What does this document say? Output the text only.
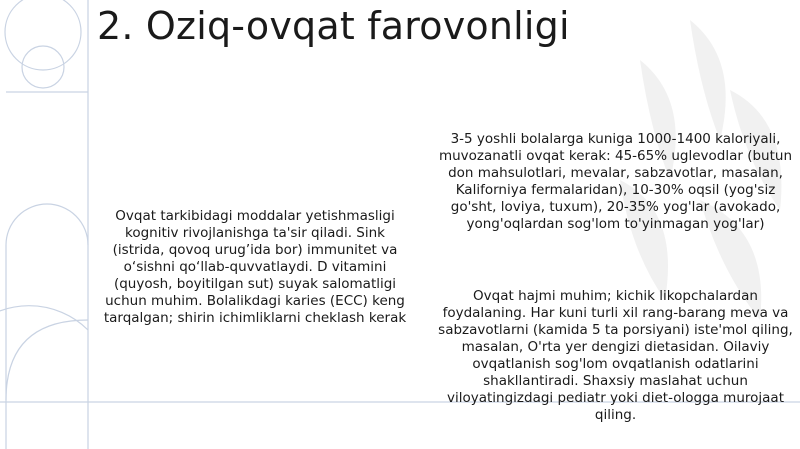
2. Oziq-ovqat farovonligi
Ovqat tarkibidagi moddalar yetishmasligi kognitiv rivojlanishga ta'sir qiladi. Sink (istrida, qovoq urug’ida bor) immunitet va o‘sishni qo‘llab-quvvatlaydi. D vitamini (quyosh, boyitilgan sut) suyak salomatligi uchun muhim. Bolalikdagi karies (ECC) keng tarqalgan; shirin ichimliklarni cheklash kerak
3-5 yoshli bolalarga kuniga 1000-1400 kaloriyali, muvozanatli ovqat kerak: 45-65% uglevodlar (butun don mahsulotlari, mevalar, sabzavotlar, masalan, Kaliforniya fermalaridan), 10-30% oqsil (yog'siz go'sht, loviya, tuxum), 20-35% yog'lar (avokado, yong'oqlardan sog'lom to'yinmagan yog'lar)
Ovqat hajmi muhim; kichik likopchalardan foydalaning. Har kuni turli xil rang-barang meva va sabzavotlarni (kamida 5 ta porsiyani) iste'mol qiling, masalan, O'rta yer dengizi dietasidan. Oilaviy ovqatlanish sog'lom ovqatlanish odatlarini shakllantiradi. Shaxsiy maslahat uchun viloyatingizdagi pediatr yoki diet-ologga murojaat qiling.
